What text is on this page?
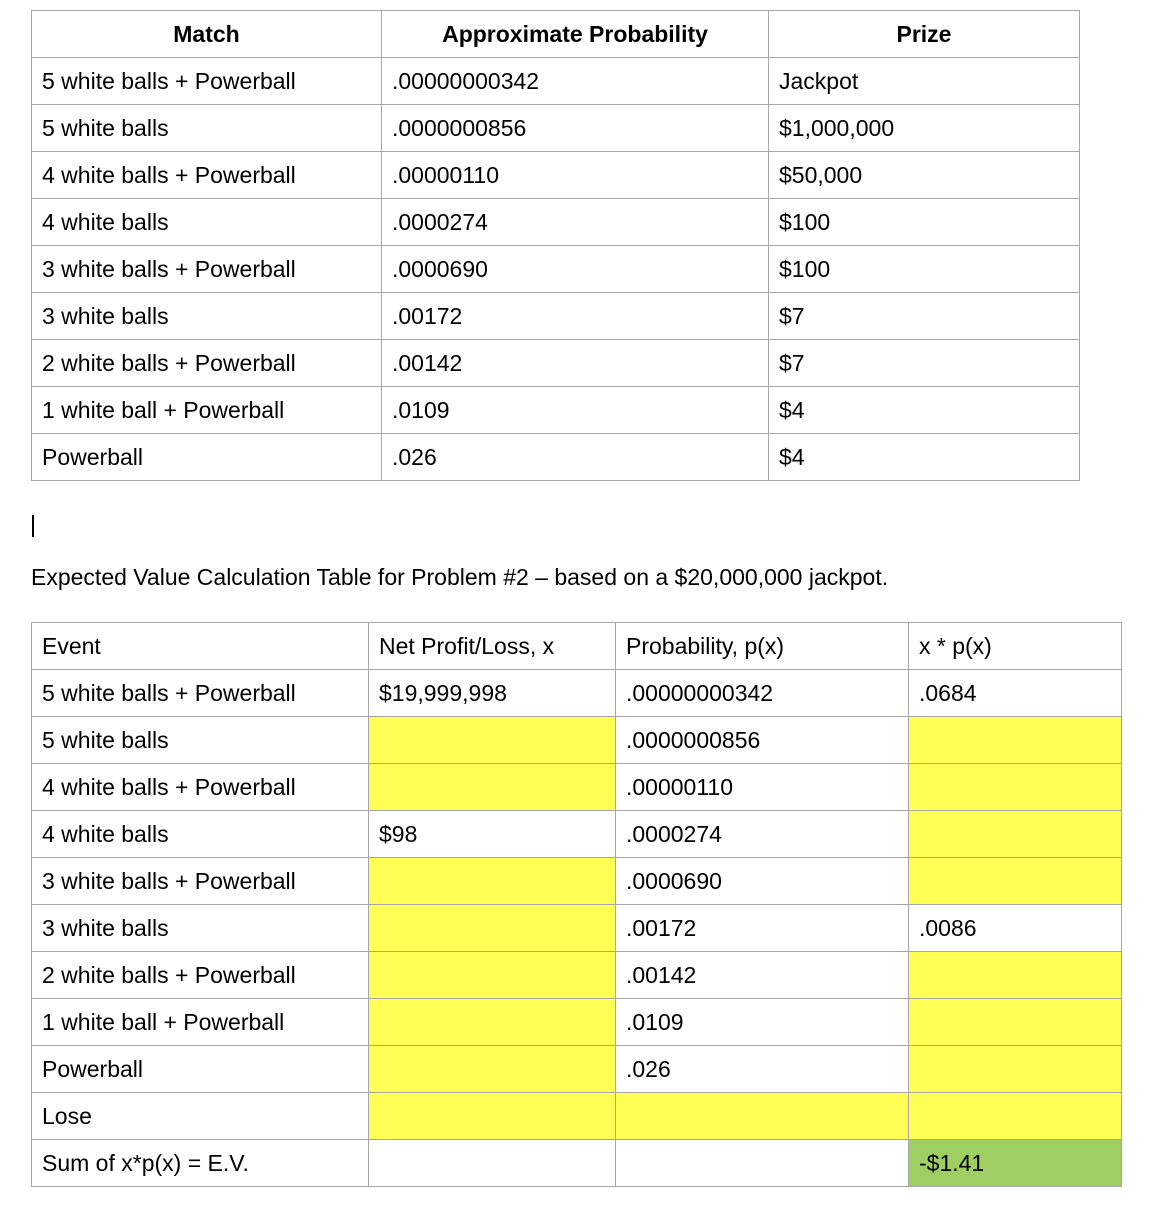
Match	Approximate Probability	Prize
5 white balls + Powerball	.00000000342	Jackpot
5 white balls	.0000000856	$1,000,000
4 white balls + Powerball	.00000110	$50,000
4 white balls	.0000274	$100
3 white balls + Powerball	.0000690	$100
3 white balls	.00172	$7
2 white balls + Powerball	.00142	$7
1 white ball + Powerball	.0109	$4
Powerball	.026	$4
Expected Value Calculation Table for Problem #2 – based on a $20,000,000 jackpot.
Event	Net Profit/Loss, x	Probability, p(x)	x * p(x)
5 white balls + Powerball	$19,999,998	.00000000342	.0684
5 white balls		.0000000856	
4 white balls + Powerball		.00000110	
4 white balls	$98	.0000274	
3 white balls + Powerball		.0000690	
3 white balls		.00172	.0086
2 white balls + Powerball		.00142	
1 white ball + Powerball		.0109	
Powerball		.026	
Lose			
Sum of x*p(x) = E.V.			-$1.41
